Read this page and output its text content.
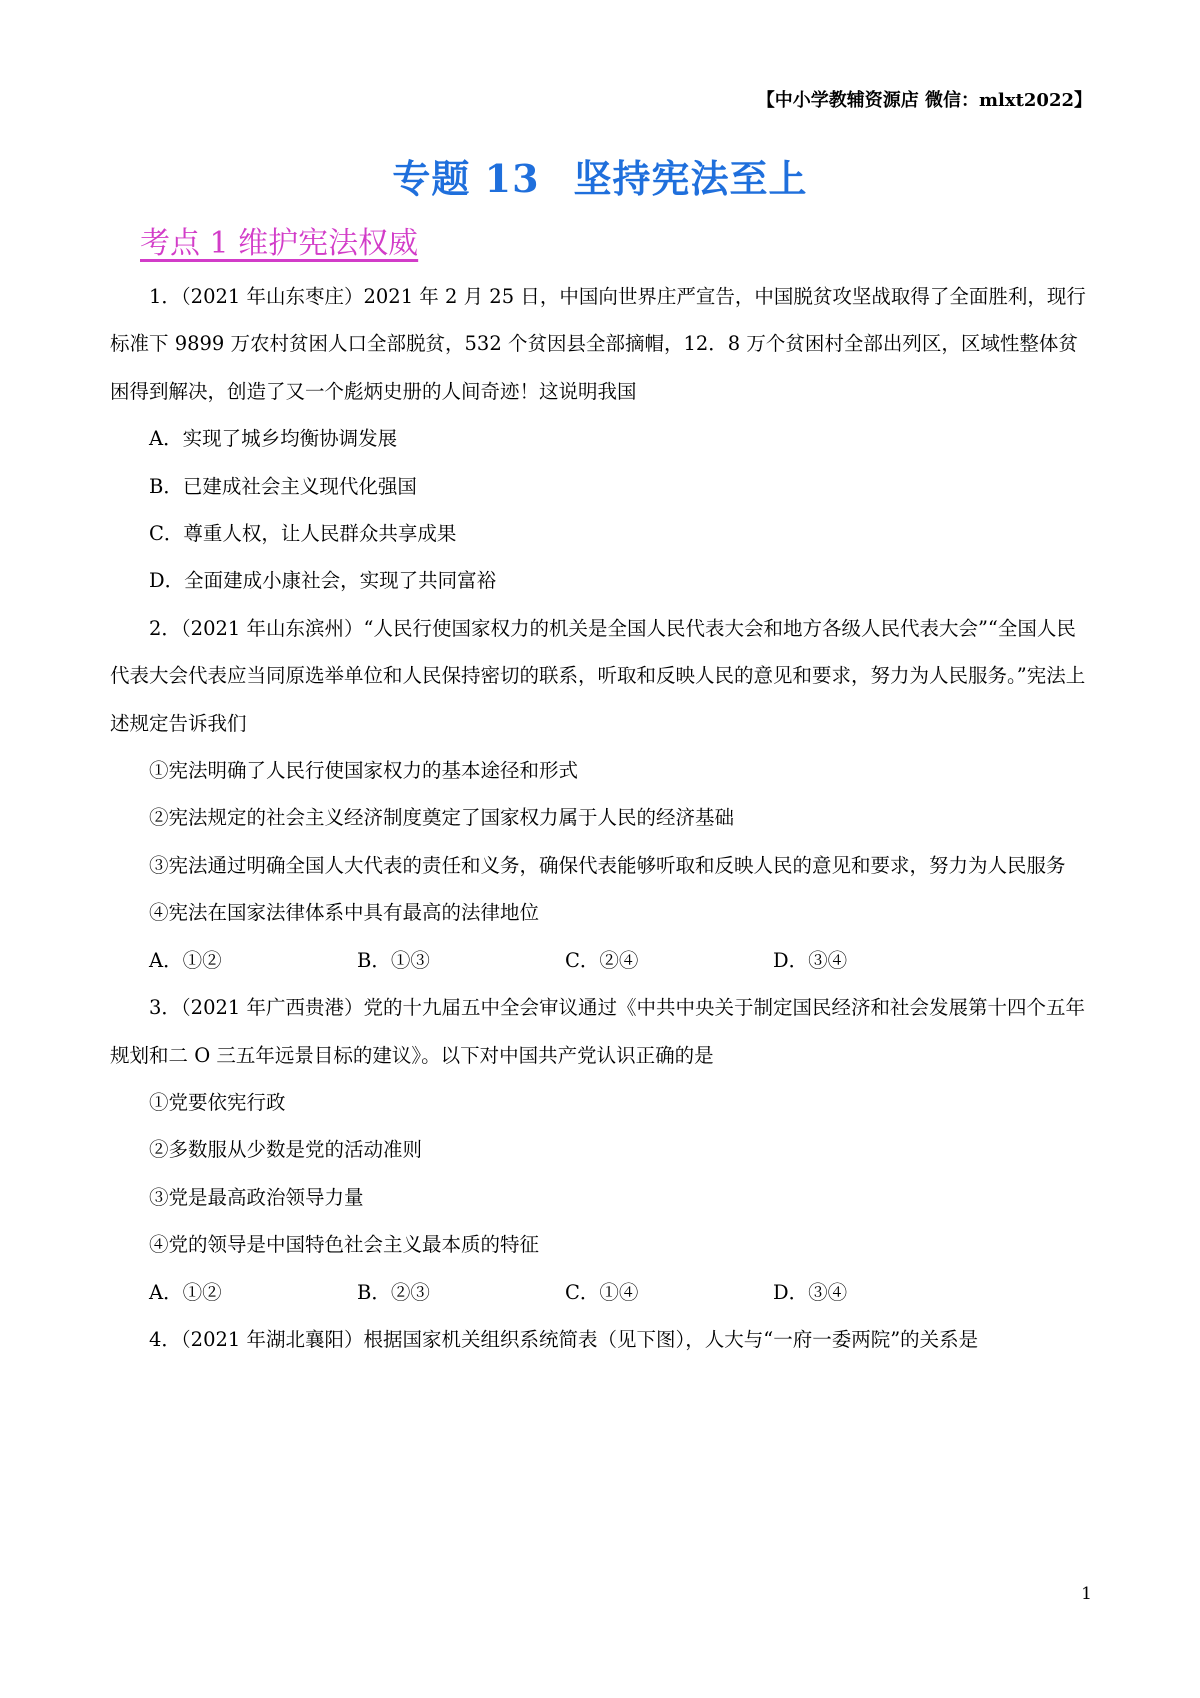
【中小学教辅资源店 微信：mlxt2022】
专题 13 坚持宪法至上
考点 1 维护宪法权威

1．（2021 年山东枣庄）2021 年 2 月 25 日，中国向世界庄严宣告，中国脱贫攻坚战取得了全面胜利，现行标准下 9899 万农村贫困人口全部脱贫，532 个贫因县全部摘帽，12．8 万个贫困村全部出列区，区域性整体贫困得到解决，创造了又一个彪炳史册的人间奇迹！这说明我国

A．实现了城乡均衡协调发展

B．已建成社会主义现代化强国

C．尊重人权，让人民群众共享成果

D．全面建成小康社会，实现了共同富裕

2．（2021 年山东滨州）“人民行使国家权力的机关是全国人民代表大会和地方各级人民代表大会”“全国人民代表大会代表应当同原选举单位和人民保持密切的联系，听取和反映人民的意见和要求，努力为人民服务。”宪法上述规定告诉我们

①宪法明确了人民行使国家权力的基本途径和形式

②宪法规定的社会主义经济制度奠定了国家权力属于人民的经济基础

③宪法通过明确全国人大代表的责任和义务，确保代表能够听取和反映人民的意见和要求，努力为人民服务

④宪法在国家法律体系中具有最高的法律地位

A．①②	B．①③	C．②④	D．③④

3．（2021 年广西贵港）党的十九届五中全会审议通过《中共中央关于制定国民经济和社会发展第十四个五年规划和二 O 三五年远景目标的建议》。以下对中国共产党认识正确的是

①党要依宪行政

②多数服从少数是党的活动准则

③党是最高政治领导力量

④党的领导是中国特色社会主义最本质的特征

A．①②	B．②③	C．①④	D．③④

4．（2021 年湖北襄阳）根据国家机关组织系统简表（见下图），人大与“一府一委两院”的关系是

1
